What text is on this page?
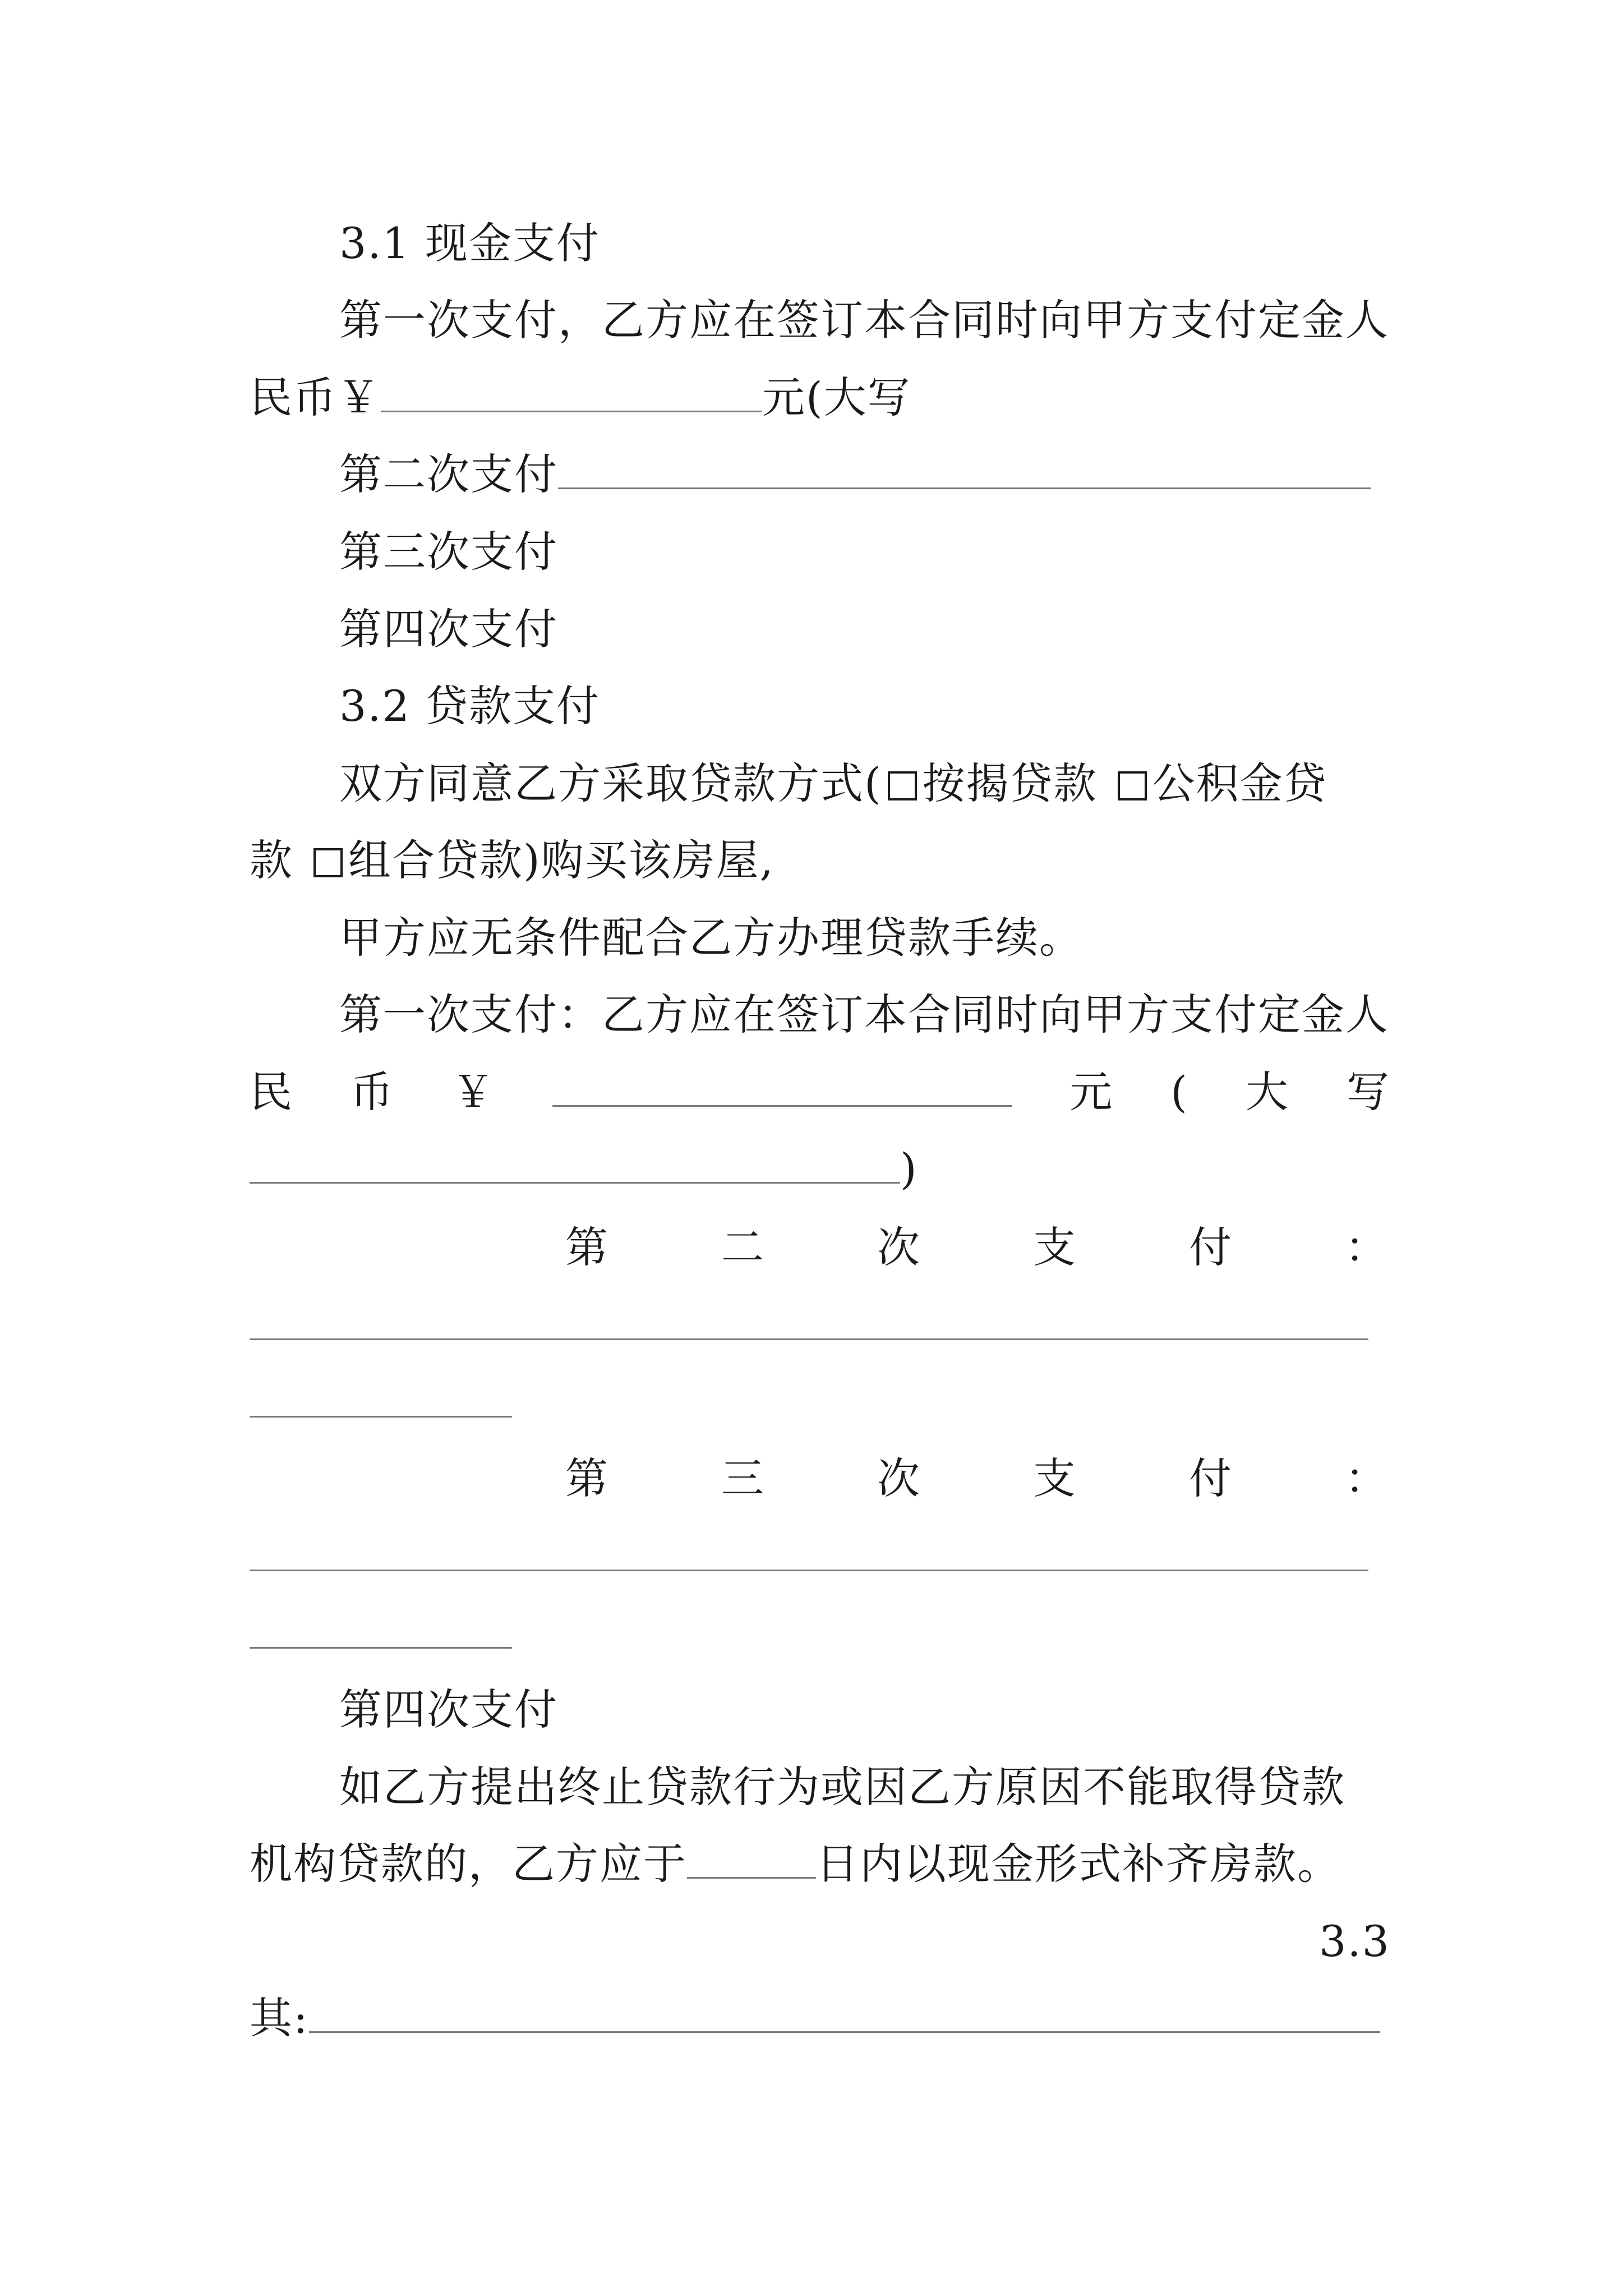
3.1 现金支付
第一次支付，乙方应在签订本合同时向甲方支付定金人
民币￥	元(大写
第二次支付
第三次支付
第四次支付
3.2 贷款支付
双方同意乙方采取贷款方式( 按揭贷款 公积金贷
款 组合贷款)购买该房屋,
甲方应无条件配合乙方办理贷款手续。
第一次支付：乙方应在签订本合同时向甲方支付定金人
民 币 ￥	元 ( 大 写
)
第	二	次	支	付	：
第	三	次	支	付	：
第四次支付
如乙方提出终止贷款行为或因乙方原因不能取得贷款
机构贷款的，乙方应于	日内以现金形式补齐房款。
3.3
其:
